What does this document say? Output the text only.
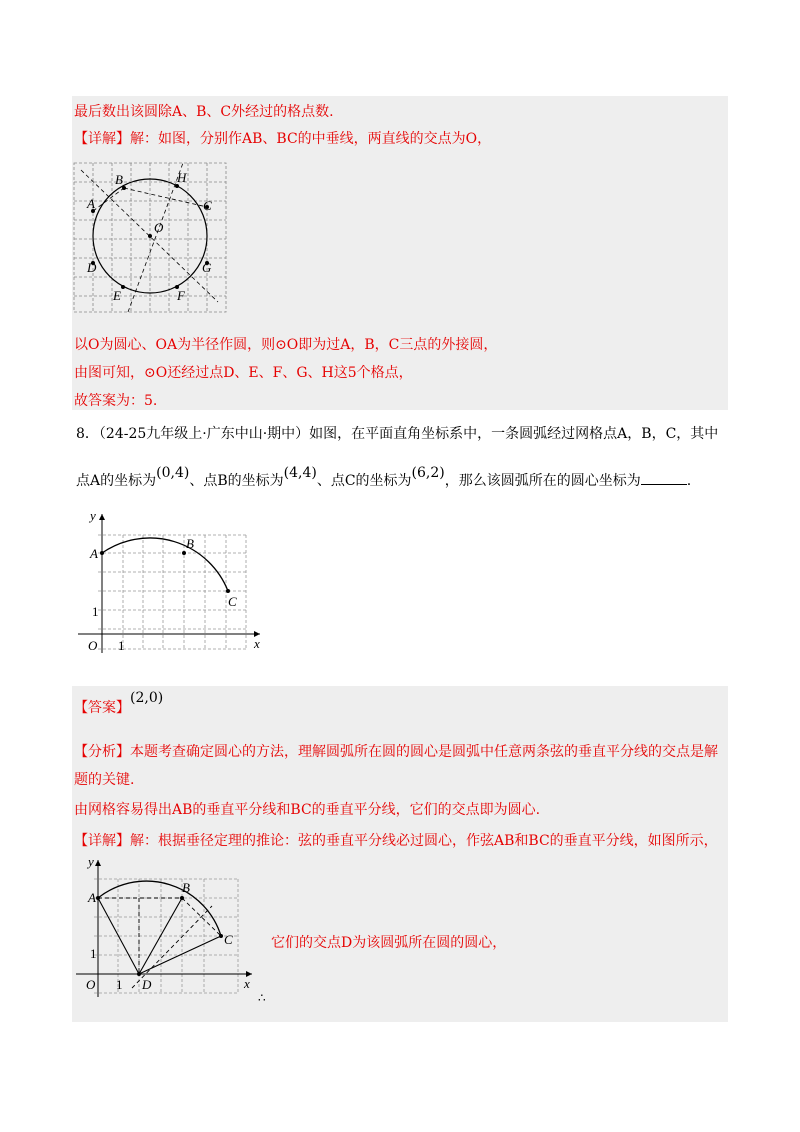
最后数出该圆除A、B、C外经过的格点数.
【详解】解：如图，分别作AB、BC的中垂线，两直线的交点为O，
A
B
C
D
E	F
G
H
O
以O为圆心、OA为半径作圆，则⊙O即为过A，B，C三点的外接圆，
由图可知，⊙O还经过点D、E、F、G、H这5个格点，
故答案为：5.
8．（24-25九年级上·广东中山·期中）如图，在平面直角坐标系中，一条圆弧经过网格点A，B，C，其中
点A的坐标为(0,4)、点B的坐标为(4,4)、点C的坐标为(6,2)，那么该圆弧所在的圆心坐标为	.
y
A
B
C
O 1
1
x
【答案】(2,0)
【分析】本题考查确定圆心的方法，理解圆弧所在圆的圆心是圆弧中任意两条弦的垂直平分线的交点是解
题的关键.
由网格容易得出AB的垂直平分线和BC的垂直平分线，它们的交点即为圆心.
【详解】解：根据垂径定理的推论：弦的垂直平分线必过圆心，作弦AB和BC的垂直平分线，如图所示，
y
A
B
C
D
O 1
1
x
∴
它们的交点D为该圆弧所在圆的圆心，
